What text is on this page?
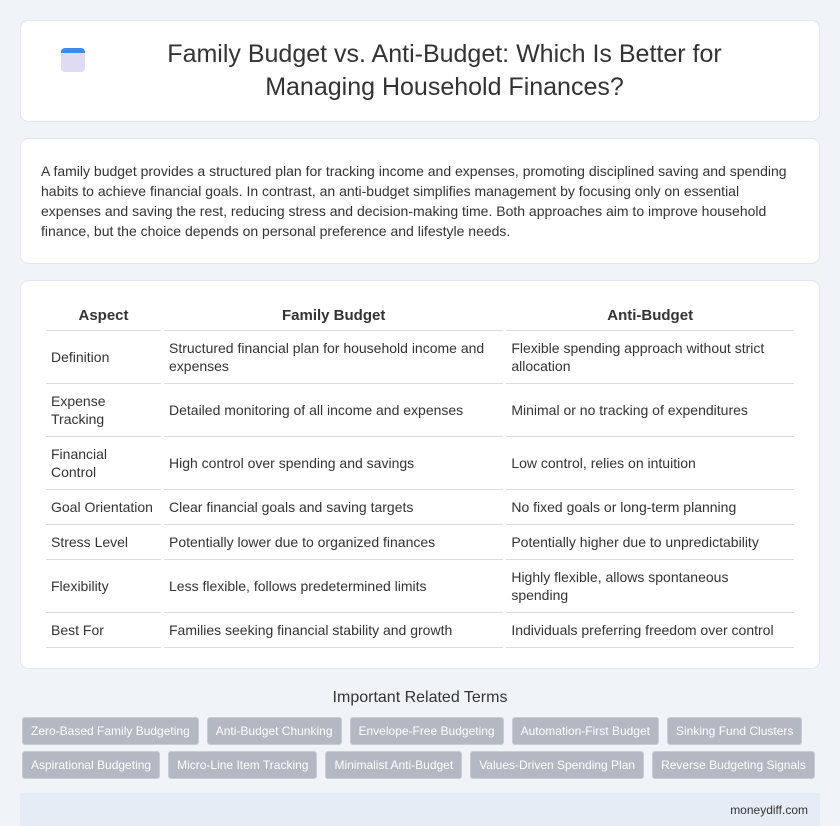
Family Budget vs. Anti-Budget: Which Is Better for Managing Household Finances?

A family budget provides a structured plan for tracking income and expenses, promoting disciplined saving and spending habits to achieve financial goals. In contrast, an anti-budget simplifies management by focusing only on essential expenses and saving the rest, reducing stress and decision-making time. Both approaches aim to improve household finance, but the choice depends on personal preference and lifestyle needs.

Aspect	Family Budget	Anti-Budget
Definition	Structured financial plan for household income and expenses	Flexible spending approach without strict allocation
Expense Tracking	Detailed monitoring of all income and expenses	Minimal or no tracking of expenditures
Financial Control	High control over spending and savings	Low control, relies on intuition
Goal Orientation	Clear financial goals and saving targets	No fixed goals or long-term planning
Stress Level	Potentially lower due to organized finances	Potentially higher due to unpredictability
Flexibility	Less flexible, follows predetermined limits	Highly flexible, allows spontaneous spending
Best For	Families seeking financial stability and growth	Individuals preferring freedom over control
Important Related Terms
Zero-Based Family Budgeting	Anti-Budget Chunking	Envelope-Free Budgeting	Automation-First Budget	Sinking Fund Clusters
Aspirational Budgeting	Micro-Line Item Tracking	Minimalist Anti-Budget	Values-Driven Spending Plan	Reverse Budgeting Signals
moneydiff.com
